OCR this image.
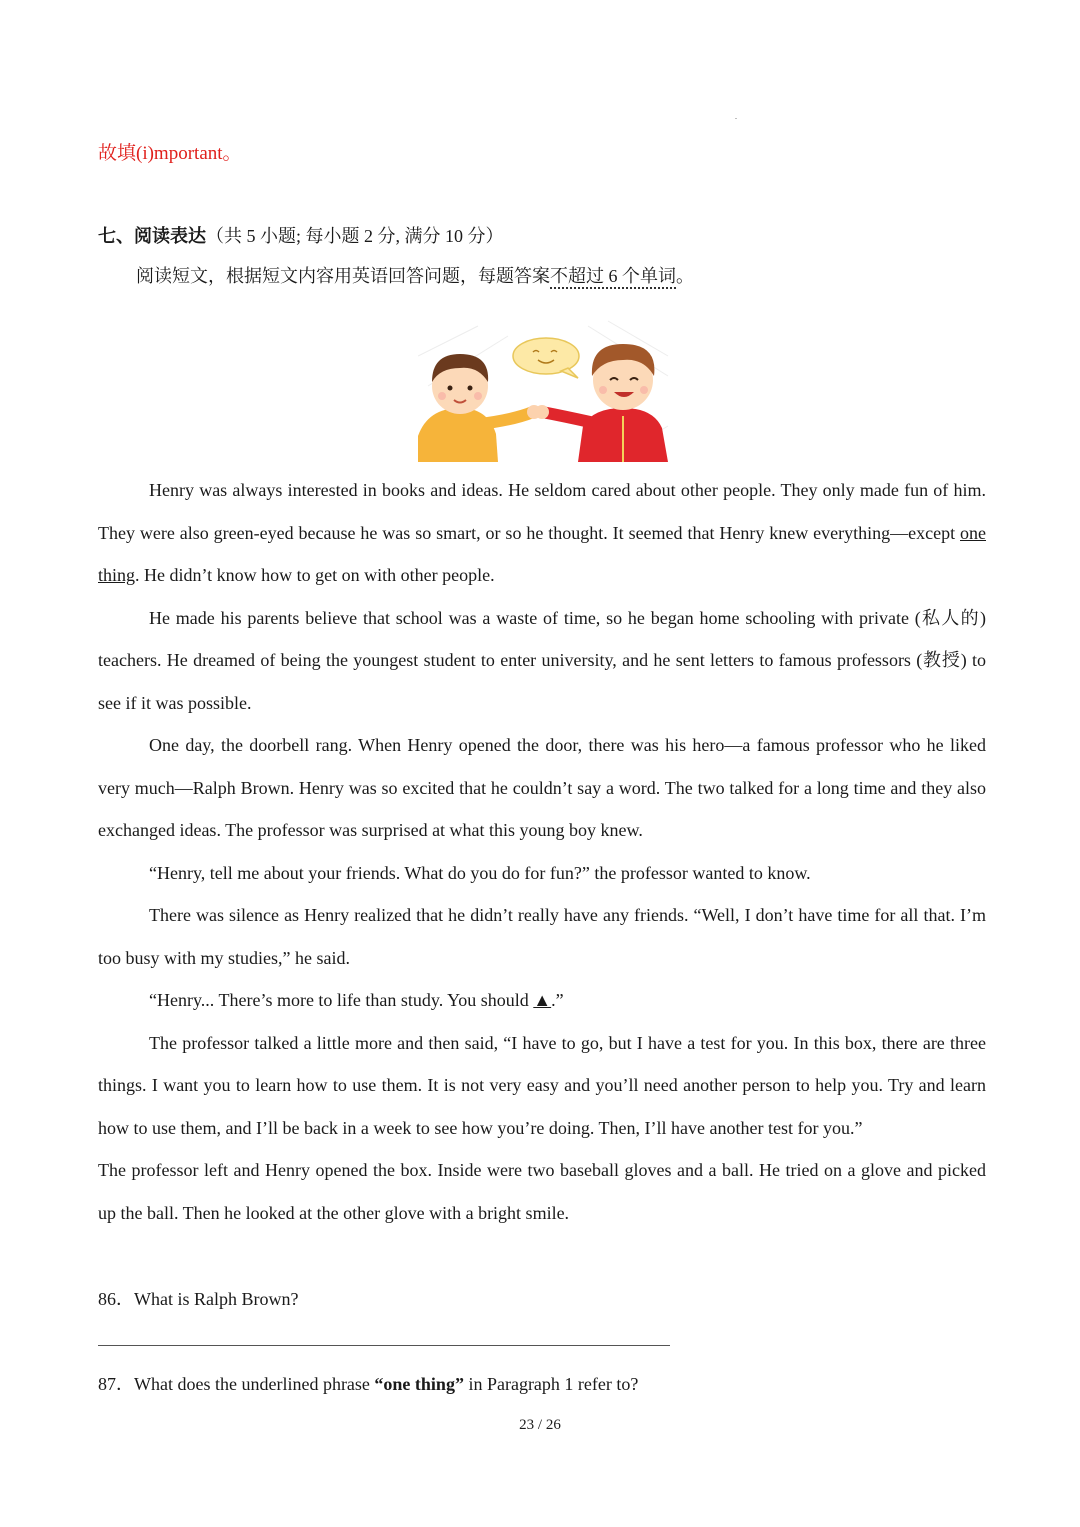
.
故填(i)mportant。
七、阅读表达（共 5 小题; 每小题 2 分, 满分 10 分）
阅读短文，根据短文内容用英语回答问题，每题答案不超过 6 个单词。

Henry was always interested in books and ideas. He seldom cared about other people. They only made fun of him. They were also green-eyed because he was so smart, or so he thought. It seemed that Henry knew everything—except one thing. He didn’t know how to get on with other people.

He made his parents believe that school was a waste of time, so he began home schooling with private (私人的) teachers. He dreamed of being the youngest student to enter university, and he sent letters to famous professors (教授) to see if it was possible.

One day, the doorbell rang. When Henry opened the door, there was his hero—a famous professor who he liked very much—Ralph Brown. Henry was so excited that he couldn’t say a word. The two talked for a long time and they also exchanged ideas. The professor was surprised at what this young boy knew.

“Henry, tell me about your friends. What do you do for fun?” the professor wanted to know.

There was silence as Henry realized that he didn’t really have any friends. “Well, I don’t have time for all that. I’m too busy with my studies,” he said.

“Henry... There’s more to life than study. You should ▲.”

The professor talked a little more and then said, “I have to go, but I have a test for you. In this box, there are three things. I want you to learn how to use them. It is not very easy and you’ll need another person to help you. Try and learn how to use them, and I’ll be back in a week to see how you’re doing. Then, I’ll have another test for you.”

The professor left and Henry opened the box. Inside were two baseball gloves and a ball. He tried on a glove and picked up the ball. Then he looked at the other glove with a bright smile.

86．What is Ralph Brown?
87．What does the underlined phrase “one thing” in Paragraph 1 refer to?
23 / 26
